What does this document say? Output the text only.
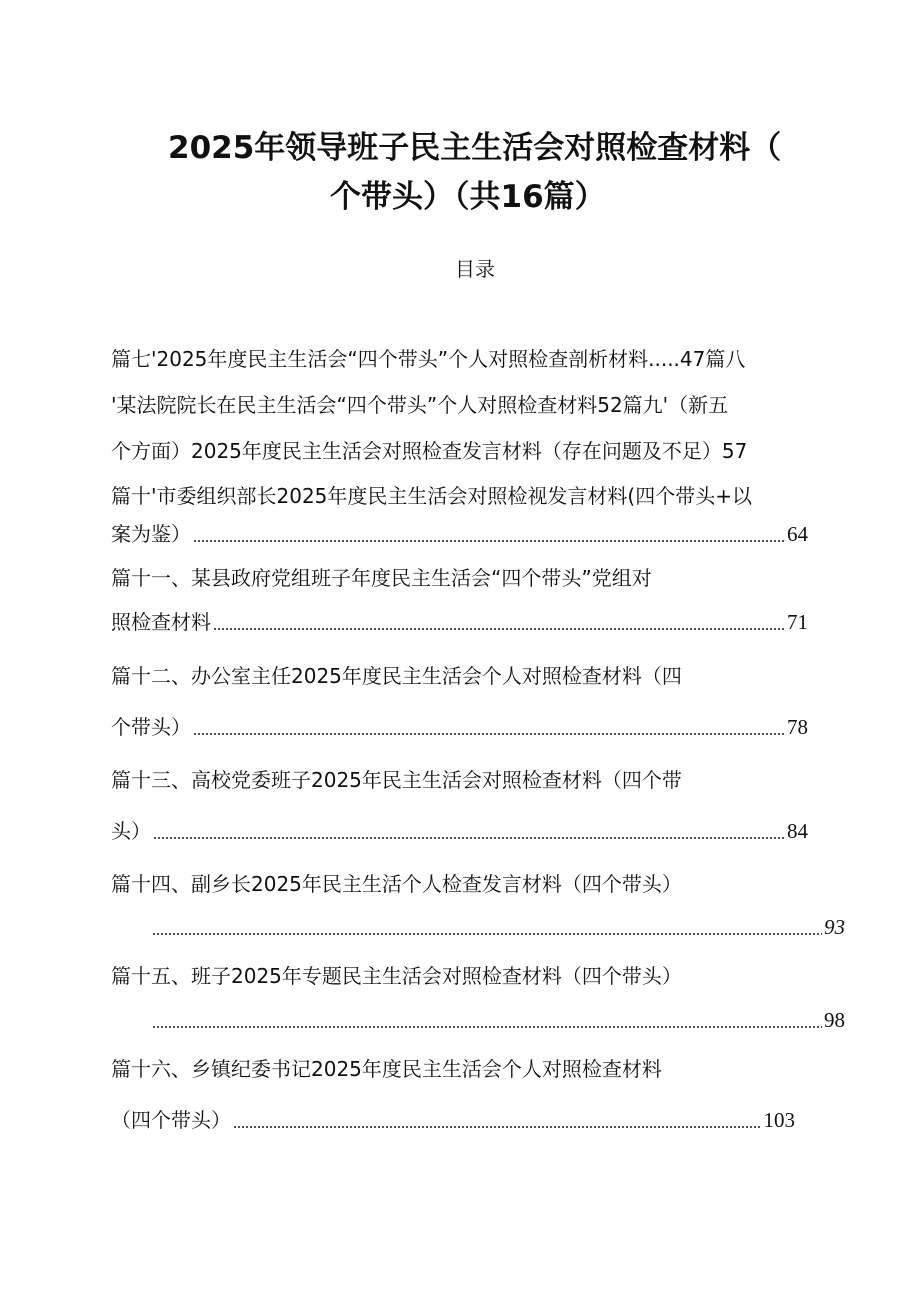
2025年领导班子民主生活会对照检查材料（
个带头）（共16篇）
目录
篇七'2025年度民主生活会“四个带头”个人对照检查剖析材料.....47篇八
'某法院院长在民主生活会“四个带头”个人对照检查材料52篇九'（新五
个方面）2025年度民主生活会对照检查发言材料（存在问题及不足）57
篇十'市委组织部长2025年度民主生活会对照检视发言材料(四个带头+以
案为鉴）	64
篇十一、某县政府党组班子年度民主生活会“四个带头”党组对
照检查材料	71
篇十二、办公室主任2025年度民主生活会个人对照检查材料（四
个带头）	78
篇十三、高校党委班子2025年民主生活会对照检查材料（四个带
头）	84
篇十四、副乡长2025年民主生活个人检查发言材料（四个带头）
93
篇十五、班子2025年专题民主生活会对照检查材料（四个带头）
98
篇十六、乡镇纪委书记2025年度民主生活会个人对照检查材料
（四个带头）	103
